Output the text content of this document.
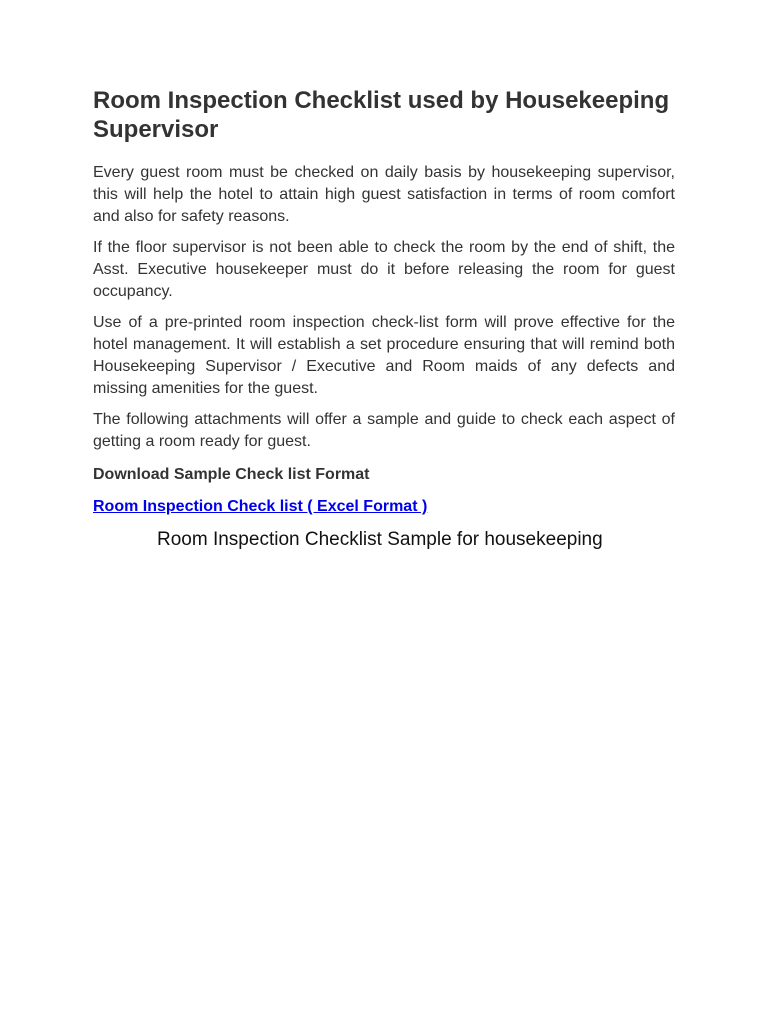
Room Inspection Checklist used by Housekeeping Supervisor

Every guest room must be checked on daily basis by housekeeping supervisor, this will help the hotel to attain high guest satisfaction in terms of room comfort and also for safety reasons.

If the floor supervisor is not been able to check the room by the end of shift, the Asst. Executive housekeeper must do it before releasing the room for guest occupancy.

Use of a pre-printed room inspection check-list form will prove effective for the hotel management. It will establish a set procedure ensuring that will remind both Housekeeping Supervisor / Executive and Room maids of any defects and missing amenities for the guest.

The following attachments will offer a sample and guide to check each aspect of getting a room ready for guest.

Download Sample Check list Format
Room Inspection Check list ( Excel Format )

Room Inspection Checklist Sample for housekeeping
